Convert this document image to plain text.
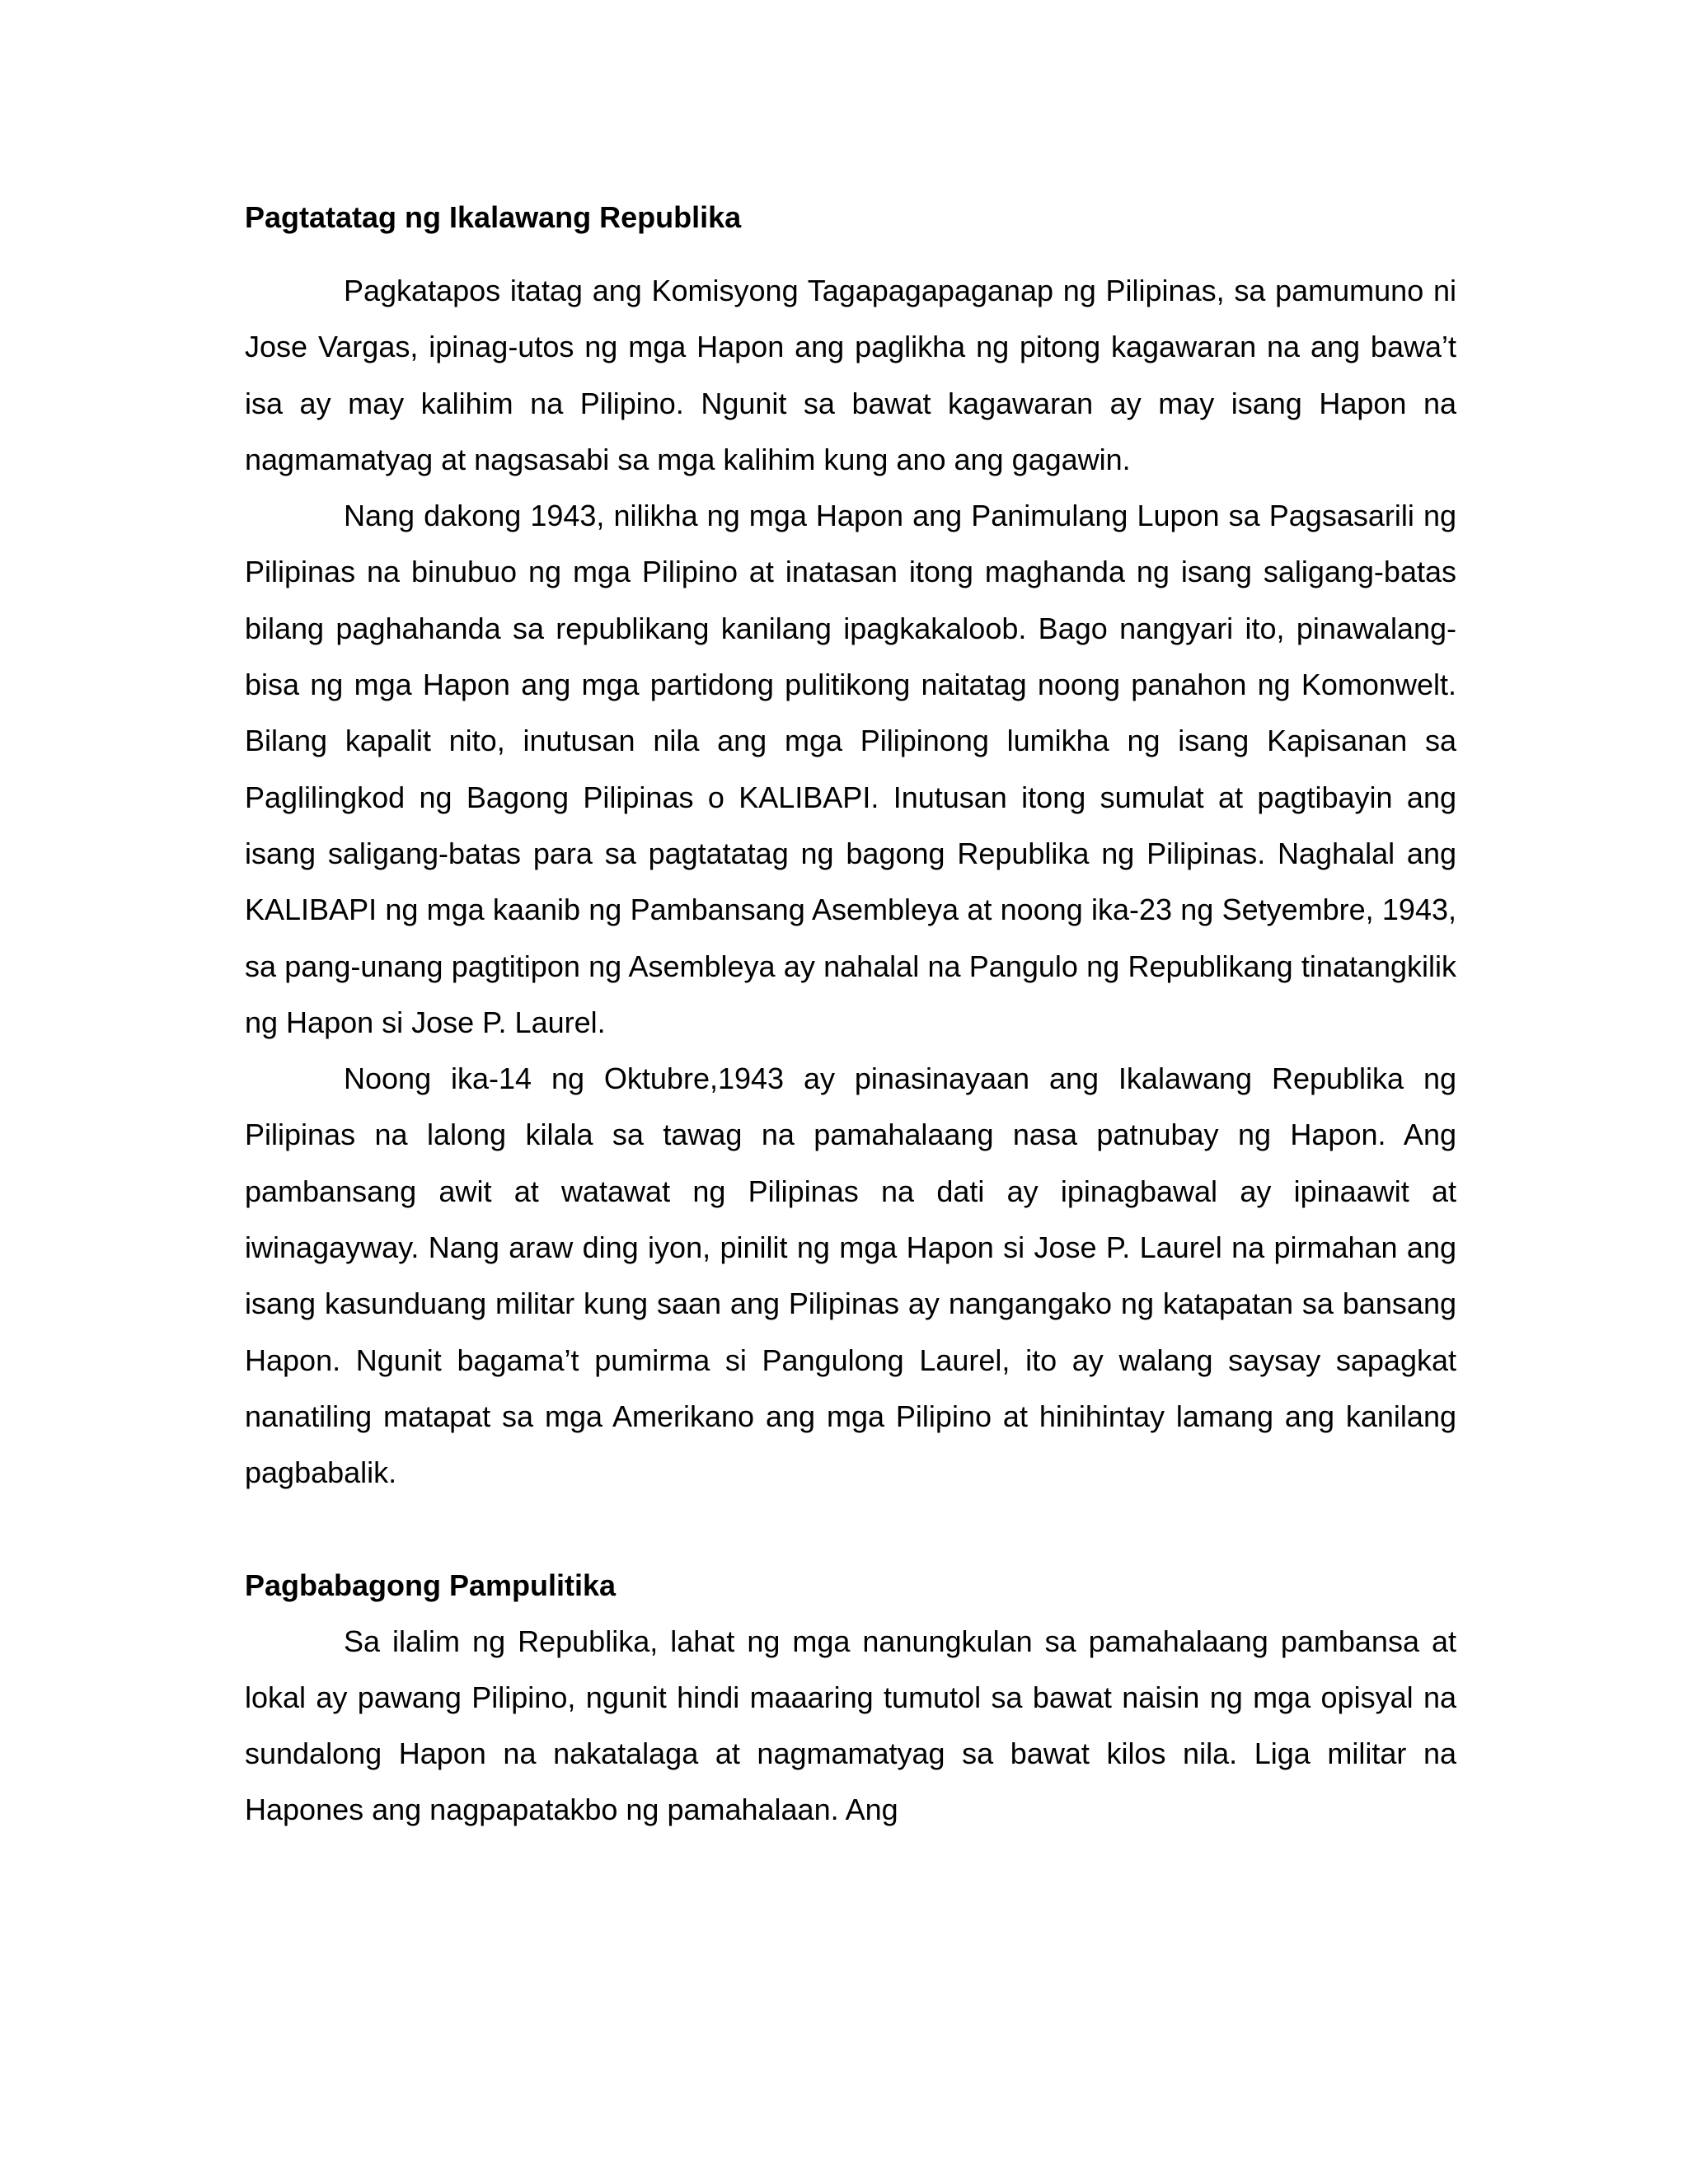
Pagtatatag ng Ikalawang Republika

Pagkatapos itatag ang Komisyong Tagapagapaganap ng Pilipinas, sa pamumuno ni Jose Vargas, ipinag-utos ng mga Hapon ang paglikha ng pitong kagawaran na ang bawa’t isa ay may kalihim na Pilipino. Ngunit sa bawat kagawaran ay may isang Hapon na nagmamatyag at nagsasabi sa mga kalihim kung ano ang gagawin.

Nang dakong 1943, nilikha ng mga Hapon ang Panimulang Lupon sa Pagsasarili ng Pilipinas na binubuo ng mga Pilipino at inatasan itong maghanda ng isang saligang-batas bilang paghahanda sa republikang kanilang ipagkakaloob. Bago nangyari ito, pinawalang-bisa ng mga Hapon ang mga partidong pulitikong naitatag noong panahon ng Komonwelt. Bilang kapalit nito, inutusan nila ang mga Pilipinong lumikha ng isang Kapisanan sa Paglilingkod ng Bagong Pilipinas o KALIBAPI. Inutusan itong sumulat at pagtibayin ang isang saligang-batas para sa pagtatatag ng bagong Republika ng Pilipinas. Naghalal ang KALIBAPI ng mga kaanib ng Pambansang Asembleya at noong ika-23 ng Setyembre, 1943, sa pang-unang pagtitipon ng Asembleya ay nahalal na Pangulo ng Republikang tinatangkilik ng Hapon si Jose P. Laurel.

Noong ika-14 ng Oktubre,1943 ay pinasinayaan ang Ikalawang Republika ng Pilipinas na lalong kilala sa tawag na pamahalaang nasa patnubay ng Hapon. Ang pambansang awit at watawat ng Pilipinas na dati ay ipinagbawal ay ipinaawit at iwinagayway. Nang araw ding iyon, pinilit ng mga Hapon si Jose P. Laurel na pirmahan ang isang kasunduang militar kung saan ang Pilipinas ay nangangako ng katapatan sa bansang Hapon. Ngunit bagama’t pumirma si Pangulong Laurel, ito ay walang saysay sapagkat nanatiling matapat sa mga Amerikano ang mga Pilipino at hinihintay lamang ang kanilang pagbabalik.

Pagbabagong Pampulitika

Sa ilalim ng Republika, lahat ng mga nanungkulan sa pamahalaang pambansa at lokal ay pawang Pilipino, ngunit hindi maaaring tumutol sa bawat naisin ng mga opisyal na sundalong Hapon na nakatalaga at nagmamatyag sa bawat kilos nila. Liga militar na Hapones ang nagpapatakbo ng pamahalaan. Ang
